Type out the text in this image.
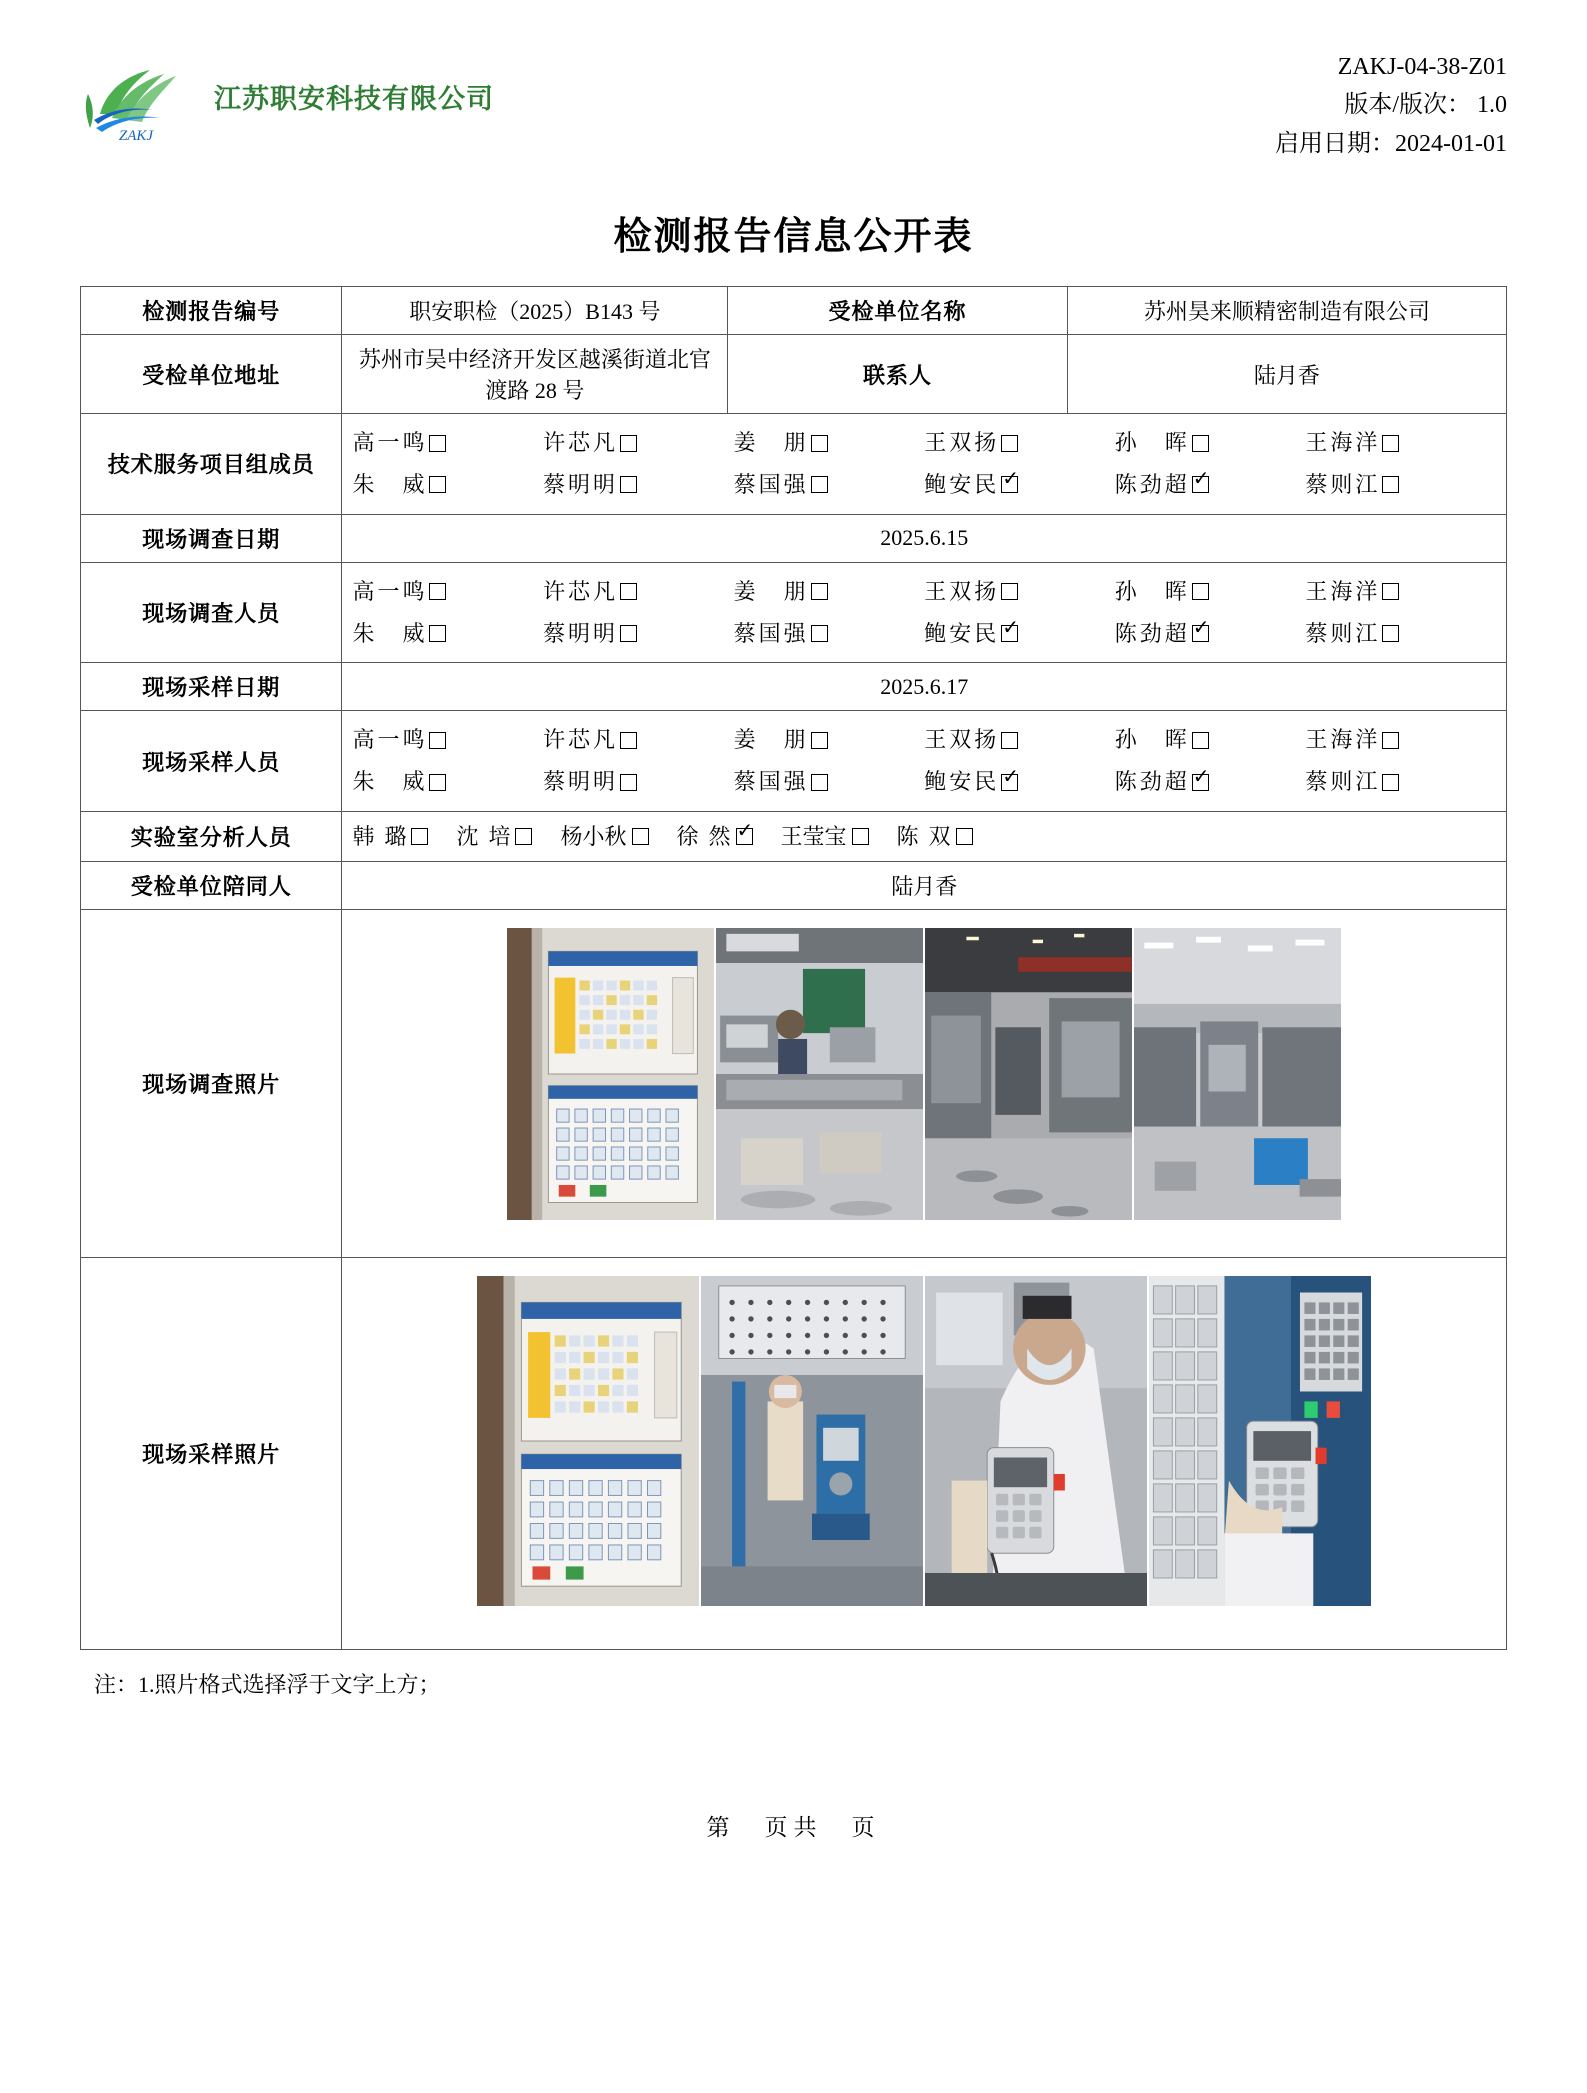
ZAKJ
江苏职安科技有限公司
ZAKJ-04-38-Z01
版本/版次： 1.0
启用日期：2024-01-01
检测报告信息公开表
检测报告编号	职安职检（2025）B143 号	受检单位名称	苏州昊来顺精密制造有限公司
受检单位地址	苏州市吴中经济开发区越溪街道北官渡路 28 号	联系人	陆月香
技术服务项目组成员	
高一鸣	许芯凡	姜　朋	王双扬	孙　晖	王海洋
朱　威	蔡明明	蔡国强	鲍安民 ✓	陈劲超 ✓	蔡则江

现场调查日期	2025.6.15		
现场调查人员	
高一鸣	许芯凡	姜　朋	王双扬	孙　晖	王海洋
朱　威	蔡明明	蔡国强	鲍安民 ✓	陈劲超 ✓	蔡则江

现场采样日期	2025.6.17		
现场采样人员	
高一鸣	许芯凡	姜　朋	王双扬	孙　晖	王海洋
朱　威	蔡明明	蔡国强	鲍安民 ✓	陈劲超 ✓	蔡则江

实验室分析人员	韩璐 沈培 杨小秋 徐然 ✓ 王莹宝 陈双

受检单位陪同人	陆月香		
现场调查照片	

现场采样照片	
注：1.照片格式选择浮于文字上方；
第　页共　页
